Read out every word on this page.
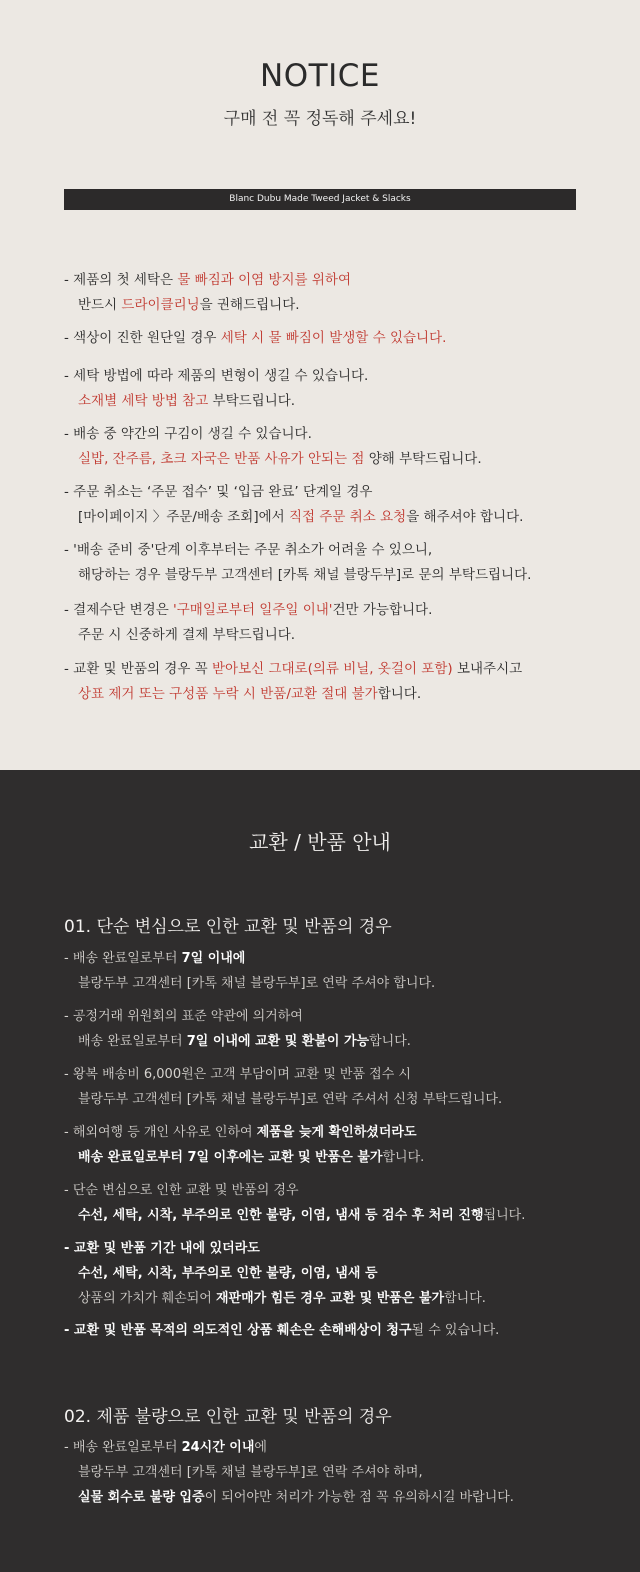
NOTICE
구매 전 꼭 정독해 주세요!
Blanc Dubu Made Tweed Jacket & Slacks
- 제품의 첫 세탁은 물 빠짐과 이염 방지를 위하여
반드시 드라이클리닝을 권해드립니다.
- 색상이 진한 원단일 경우 세탁 시 물 빠짐이 발생할 수 있습니다.
- 세탁 방법에 따라 제품의 변형이 생길 수 있습니다.
소재별 세탁 방법 참고 부탁드립니다.
- 배송 중 약간의 구김이 생길 수 있습니다.
실밥, 잔주름, 초크 자국은 반품 사유가 안되는 점 양해 부탁드립니다.
- 주문 취소는 ‘주문 접수’ 및 ‘입금 완료’ 단계일 경우
[마이페이지 〉주문/배송 조회]에서 직접 주문 취소 요청을 해주셔야 합니다.
- '배송 준비 중'단계 이후부터는 주문 취소가 어려울 수 있으니,
해당하는 경우 블랑두부 고객센터 [카톡 채널 블랑두부]로 문의 부탁드립니다.
- 결제수단 변경은 '구매일로부터 일주일 이내'건만 가능합니다.
주문 시 신중하게 결제 부탁드립니다.
- 교환 및 반품의 경우 꼭 받아보신 그대로(의류 비닐, 옷걸이 포함) 보내주시고
상표 제거 또는 구성품 누락 시 반품/교환 절대 불가합니다.
교환 / 반품 안내
01. 단순 변심으로 인한 교환 및 반품의 경우
- 배송 완료일로부터 7일 이내에
블랑두부 고객센터 [카톡 채널 블랑두부]로 연락 주셔야 합니다.
- 공정거래 위원회의 표준 약관에 의거하여
배송 완료일로부터 7일 이내에 교환 및 환불이 가능합니다.
- 왕복 배송비 6,000원은 고객 부담이며 교환 및 반품 접수 시
블랑두부 고객센터 [카톡 채널 블랑두부]로 연락 주셔서 신청 부탁드립니다.
- 해외여행 등 개인 사유로 인하여 제품을 늦게 확인하셨더라도
배송 완료일로부터 7일 이후에는 교환 및 반품은 불가합니다.
- 단순 변심으로 인한 교환 및 반품의 경우
수선, 세탁, 시착, 부주의로 인한 불량, 이염, 냄새 등 검수 후 처리 진행됩니다.
- 교환 및 반품 기간 내에 있더라도
수선, 세탁, 시착, 부주의로 인한 불량, 이염, 냄새 등
상품의 가치가 훼손되어 재판매가 힘든 경우 교환 및 반품은 불가합니다.
- 교환 및 반품 목적의 의도적인 상품 훼손은 손해배상이 청구될 수 있습니다.
02. 제품 불량으로 인한 교환 및 반품의 경우
- 배송 완료일로부터 24시간 이내에
블랑두부 고객센터 [카톡 채널 블랑두부]로 연락 주셔야 하며,
실물 회수로 불량 입증이 되어야만 처리가 가능한 점 꼭 유의하시길 바랍니다.
